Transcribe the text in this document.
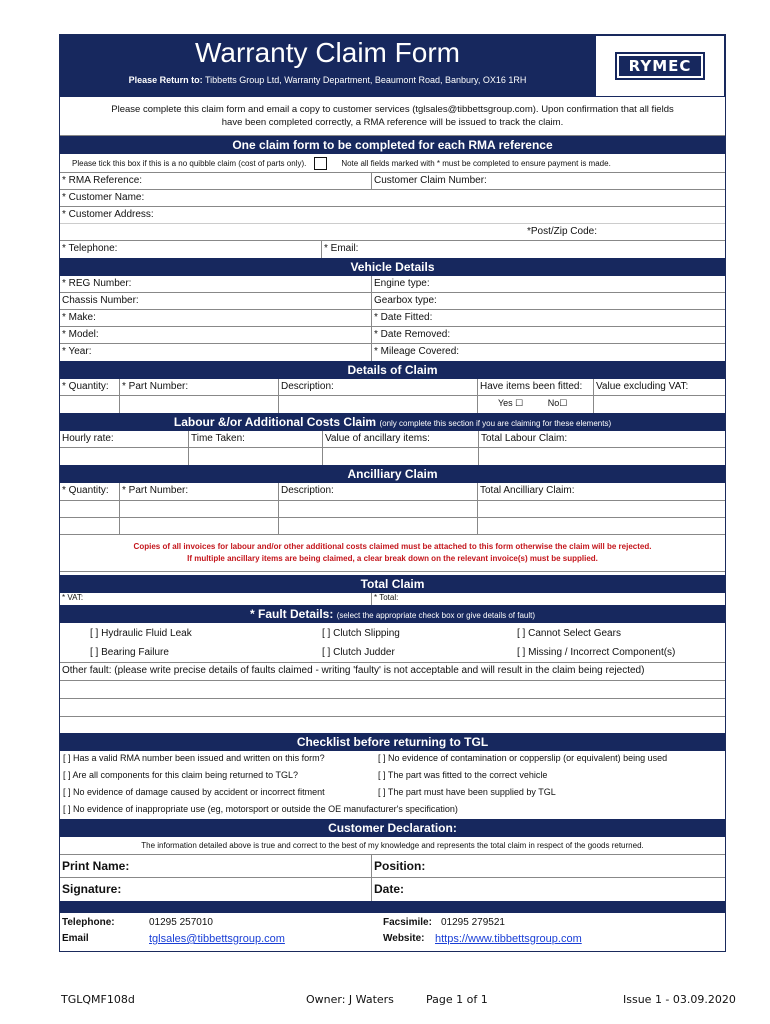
Warranty Claim Form
Please Return to: Tibbetts Group Ltd, Warranty Department, Beaumont Road, Banbury, OX16 1RH
RYMEC
Please complete this claim form and email a copy to customer services (tglsales@tibbettsgroup.com). Upon confirmation that all fields
have been completed correctly, a RMA reference will be issued to track the claim.
One claim form to be completed for each RMA reference
Please tick this box if this is a no quibble claim (cost of parts only).	Note all fields marked with * must be completed to ensure payment is made.
* RMA Reference:	Customer Claim Number:
* Customer Name:
* Customer Address:
*Post/Zip Code:
* Telephone:	* Email:
Vehicle Details
* REG Number:	Engine type:
Chassis Number:	Gearbox type:
* Make:	* Date Fitted:
* Model:	* Date Removed:
* Year:	* Mileage Covered:
Details of Claim
* Quantity:	* Part Number:	Description:	Have items been fitted:	Value excluding VAT:
Yes ☐	No☐
Labour &/or Additional Costs Claim (only complete this section if you are claiming for these elements)
Hourly rate:	Time Taken:	Value of ancillary items:	Total Labour Claim:
Ancilliary Claim
* Quantity:	* Part Number:	Description:	Total Ancilliary Claim:
Copies of all invoices for labour and/or other additional costs claimed must be attached to this form otherwise the claim will be rejected.
If multiple ancillary items are being claimed, a clear break down on the relevant invoice(s) must be supplied.
Total Claim
* VAT:	* Total:
* Fault Details: (select the appropriate check box or give details of fault)
[ ] Hydraulic Fluid Leak	[ ] Clutch Slipping	[ ] Cannot Select Gears
[ ] Bearing Failure	[ ] Clutch Judder	[ ] Missing / Incorrect Component(s)
Other fault: (please write precise details of faults claimed - writing 'faulty' is not acceptable and will result in the claim being rejected)
Checklist before returning to TGL
[ ] Has a valid RMA number been issued and written on this form?	[ ] No evidence of contamination or copperslip (or equivalent) being used
[ ] Are all components for this claim being returned to TGL?	[ ] The part was fitted to the correct vehicle
[ ] No evidence of damage caused by accident or incorrect fitment	[ ] The part must have been supplied by TGL
[ ] No evidence of inappropriate use (eg, motorsport or outside the OE manufacturer's specification)
Customer Declaration:
The information detailed above is true and correct to the best of my knowledge and represents the total claim in respect of the goods returned.
Print Name:	Position:
Signature:	Date:
Telephone:	01295 257010	Facsimile: 01295 279521
Email	tglsales@tibbettsgroup.com	Website: https://www.tibbettsgroup.com
TGLQMF108d	Owner: J Waters	Page 1 of 1	Issue 1 - 03.09.2020
